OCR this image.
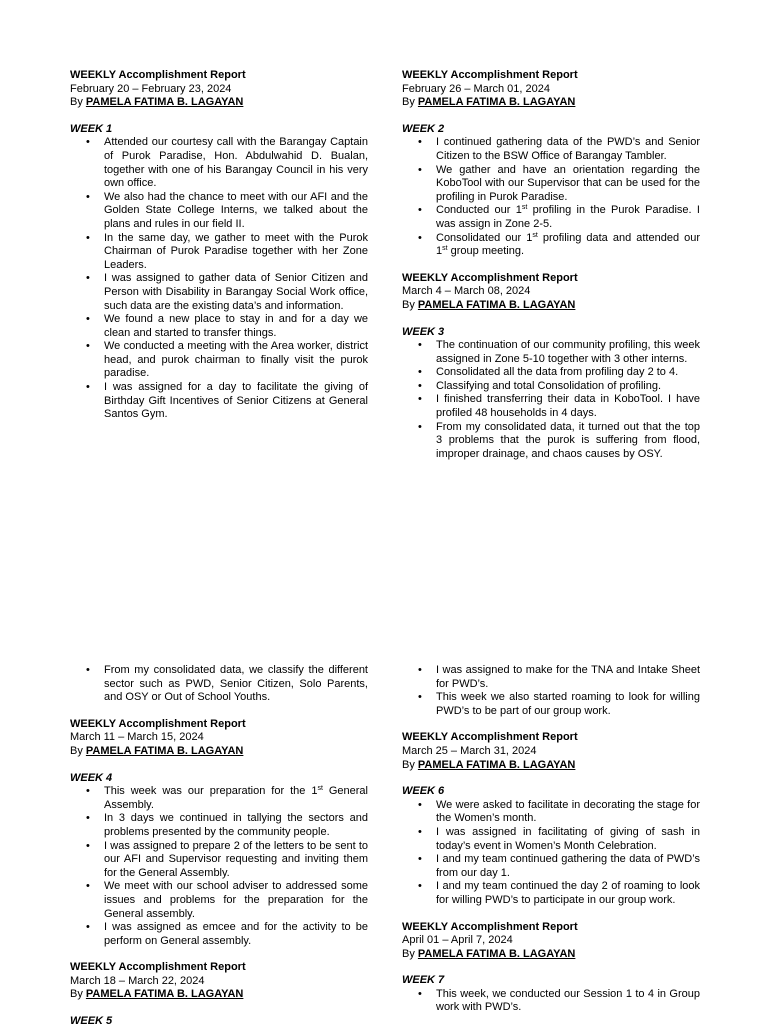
WEEKLY Accomplishment Report
February 20 – February 23, 2024
By PAMELA FATIMA B. LAGAYAN
WEEK 1
• Attended our courtesy call with the Barangay Captain of Purok Paradise, Hon. Abdulwahid D. Bualan, together with one of his Barangay Council in his very own office.
• We also had the chance to meet with our AFI and the Golden State College Interns, we talked about the plans and rules in our field II.
• In the same day, we gather to meet with the Purok Chairman of Purok Paradise together with her Zone Leaders.
• I was assigned to gather data of Senior Citizen and Person with Disability in Barangay Social Work office, such data are the existing data’s and information.
• We found a new place to stay in and for a day we clean and started to transfer things.
• We conducted a meeting with the Area worker, district head, and purok chairman to finally visit the purok paradise.
• I was assigned for a day to facilitate the giving of Birthday Gift Incentives of Senior Citizens at General Santos Gym.
WEEKLY Accomplishment Report
February 26 – March 01, 2024
By PAMELA FATIMA B. LAGAYAN
WEEK 2
• I continued gathering data of the PWD’s and Senior Citizen to the BSW Office of Barangay Tambler.
• We gather and have an orientation regarding the KoboTool with our Supervisor that can be used for the profiling in Purok Paradise.
• Conducted our 1st profiling in the Purok Paradise. I was assign in Zone 2-5.
• Consolidated our 1st profiling data and attended our 1st group meeting.
WEEKLY Accomplishment Report
March 4 – March 08, 2024
By PAMELA FATIMA B. LAGAYAN
WEEK 3
• The continuation of our community profiling, this week assigned in Zone 5-10 together with 3 other interns.
• Consolidated all the data from profiling day 2 to 4.
• Classifying and total Consolidation of profiling.
• I finished transferring their data in KoboTool. I have profiled 48 households in 4 days.
• From my consolidated data, it turned out that the top 3 problems that the purok is suffering from flood, improper drainage, and chaos causes by OSY.
• From my consolidated data, we classify the different sector such as PWD, Senior Citizen, Solo Parents, and OSY or Out of School Youths.
WEEKLY Accomplishment Report
March 11 – March 15, 2024
By PAMELA FATIMA B. LAGAYAN
WEEK 4
• This week was our preparation for the 1st General Assembly.
• In 3 days we continued in tallying the sectors and problems presented by the community people.
• I was assigned to prepare 2 of the letters to be sent to our AFI and Supervisor requesting and inviting them for the General Assembly.
• We meet with our school adviser to addressed some issues and problems for the preparation for the General assembly.
• I was assigned as emcee and for the activity to be perform on General assembly.
WEEKLY Accomplishment Report
March 18 – March 22, 2024
By PAMELA FATIMA B. LAGAYAN
WEEK 5
• I was assigned to make for the TNA and Intake Sheet for PWD’s.
• This week we also started roaming to look for willing PWD’s to be part of our group work.
WEEKLY Accomplishment Report
March 25 – March 31, 2024
By PAMELA FATIMA B. LAGAYAN
WEEK 6
• We were asked to facilitate in decorating the stage for the Women’s month.
• I was assigned in facilitating of giving of sash in today’s event in Women’s Month Celebration.
• I and my team continued gathering the data of PWD’s from our day 1.
• I and my team continued the day 2 of roaming to look for willing PWD’s to participate in our group work.
WEEKLY Accomplishment Report
April 01 – April 7, 2024
By PAMELA FATIMA B. LAGAYAN
WEEK 7
• This week, we conducted our Session 1 to 4 in Group work with PWD’s.
